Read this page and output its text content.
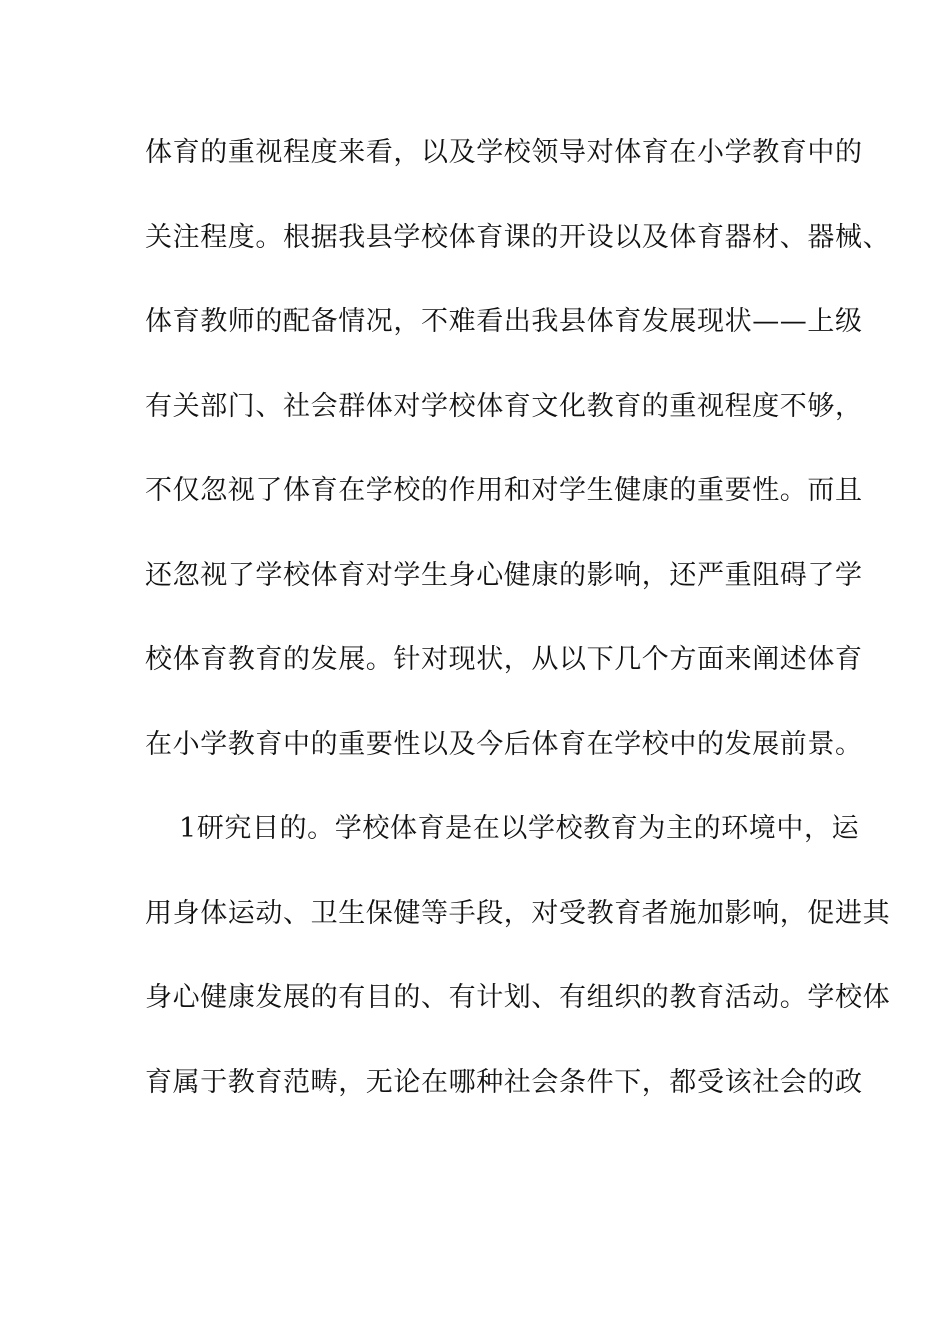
体育的重视程度来看，以及学校领导对体育在小学教育中的
关注程度。根据我县学校体育课的开设以及体育器材、器械、
体育教师的配备情况，不难看出我县体育发展现状——上级
有关部门、社会群体对学校体育文化教育的重视程度不够，
不仅忽视了体育在学校的作用和对学生健康的重要性。而且
还忽视了学校体育对学生身心健康的影响，还严重阻碍了学
校体育教育的发展。针对现状，从以下几个方面来阐述体育
在小学教育中的重要性以及今后体育在学校中的发展前景。
1研究目的。学校体育是在以学校教育为主的环境中，运
用身体运动、卫生保健等手段，对受教育者施加影响，促进其
身心健康发展的有目的、有计划、有组织的教育活动。学校体
育属于教育范畴，无论在哪种社会条件下，都受该社会的政
